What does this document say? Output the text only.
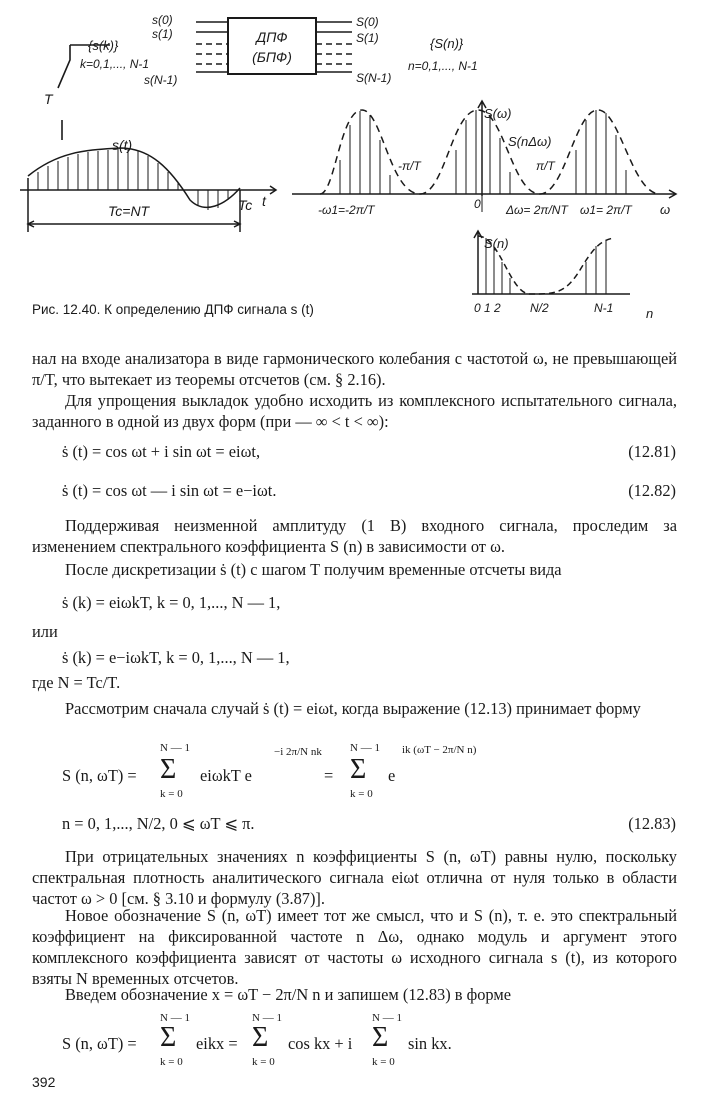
ДПФ
(БПФ)
s(0)
s(1)
s(N-1)
S(0)
S(1)
S(N-1)
{s(k)}
k=0,1,..., N-1
{S(n)}
n=0,1,..., N-1
T
s(t)
Tc=NT	Tc t
S(ω)
S(nΔω)
-π/T	π/T
-ω1=-2π/T	0 Δω= 2π/NT ω1= 2π/T ω
S(n)
0 1 2 N/2	N-1	n
Рис. 12.40. К определению ДПФ сигнала s (t)
нал на входе анализатора в виде гармонического колебания с частотой ω, не превышающей π/T, что вытекает из теоремы отсчетов (см. § 2.16).
Для упрощения выкладок удобно исходить из комплексного испытательного сигнала, заданного в одной из двух форм (при — ∞ < t < ∞):
ṡ (t) = cos ωt + i sin ωt = eiωt,	(12.81)
ṡ (t) = cos ωt — i sin ωt = e−iωt.	(12.82)
Поддерживая неизменной амплитуду (1 В) входного сигнала, проследим за изменением спектрального коэффициента S (n) в зависимости от ω.
После дискретизации ṡ (t) с шагом T получим временные отсчеты вида
ṡ (k) = eiωkT, k = 0, 1,..., N — 1,
или
ṡ (k) = e−iωkT, k = 0, 1,..., N — 1,
где N = Tc/T.
Рассмотрим сначала случай ṡ (t) = eiωt, когда выражение (12.13) принимает форму
S (n, ωT) =
N — 1
Σ
k = 0
eiωkT e
−i 2π/N nk
=
N — 1
Σ
k = 0
e
ik (ωT − 2π/N n)
n = 0, 1,..., N/2, 0 ⩽ ωT ⩽ π.	(12.83)
При отрицательных значениях n коэффициенты S (n, ωT) равны нулю, поскольку спектральная плотность аналитического сигнала eiωt отлична от нуля только в области частот ω > 0 [см. § 3.10 и формулу (3.87)].
Новое обозначение S (n, ωT) имеет тот же смысл, что и S (n), т. е. это спектральный коэффициент на фиксированной частоте n Δω, однако модуль и аргумент этого комплексного коэффициента зависят от частоты ω исходного сигнала s (t), из которого взяты N временных отсчетов.
Введем обозначение x = ωT − 2π/N n и запишем (12.83) в форме
S (n, ωT) =
N — 1
Σ
k = 0
eikx =
N — 1
Σ
k = 0
cos kx + i
N — 1
Σ
k = 0
sin kx.
392
